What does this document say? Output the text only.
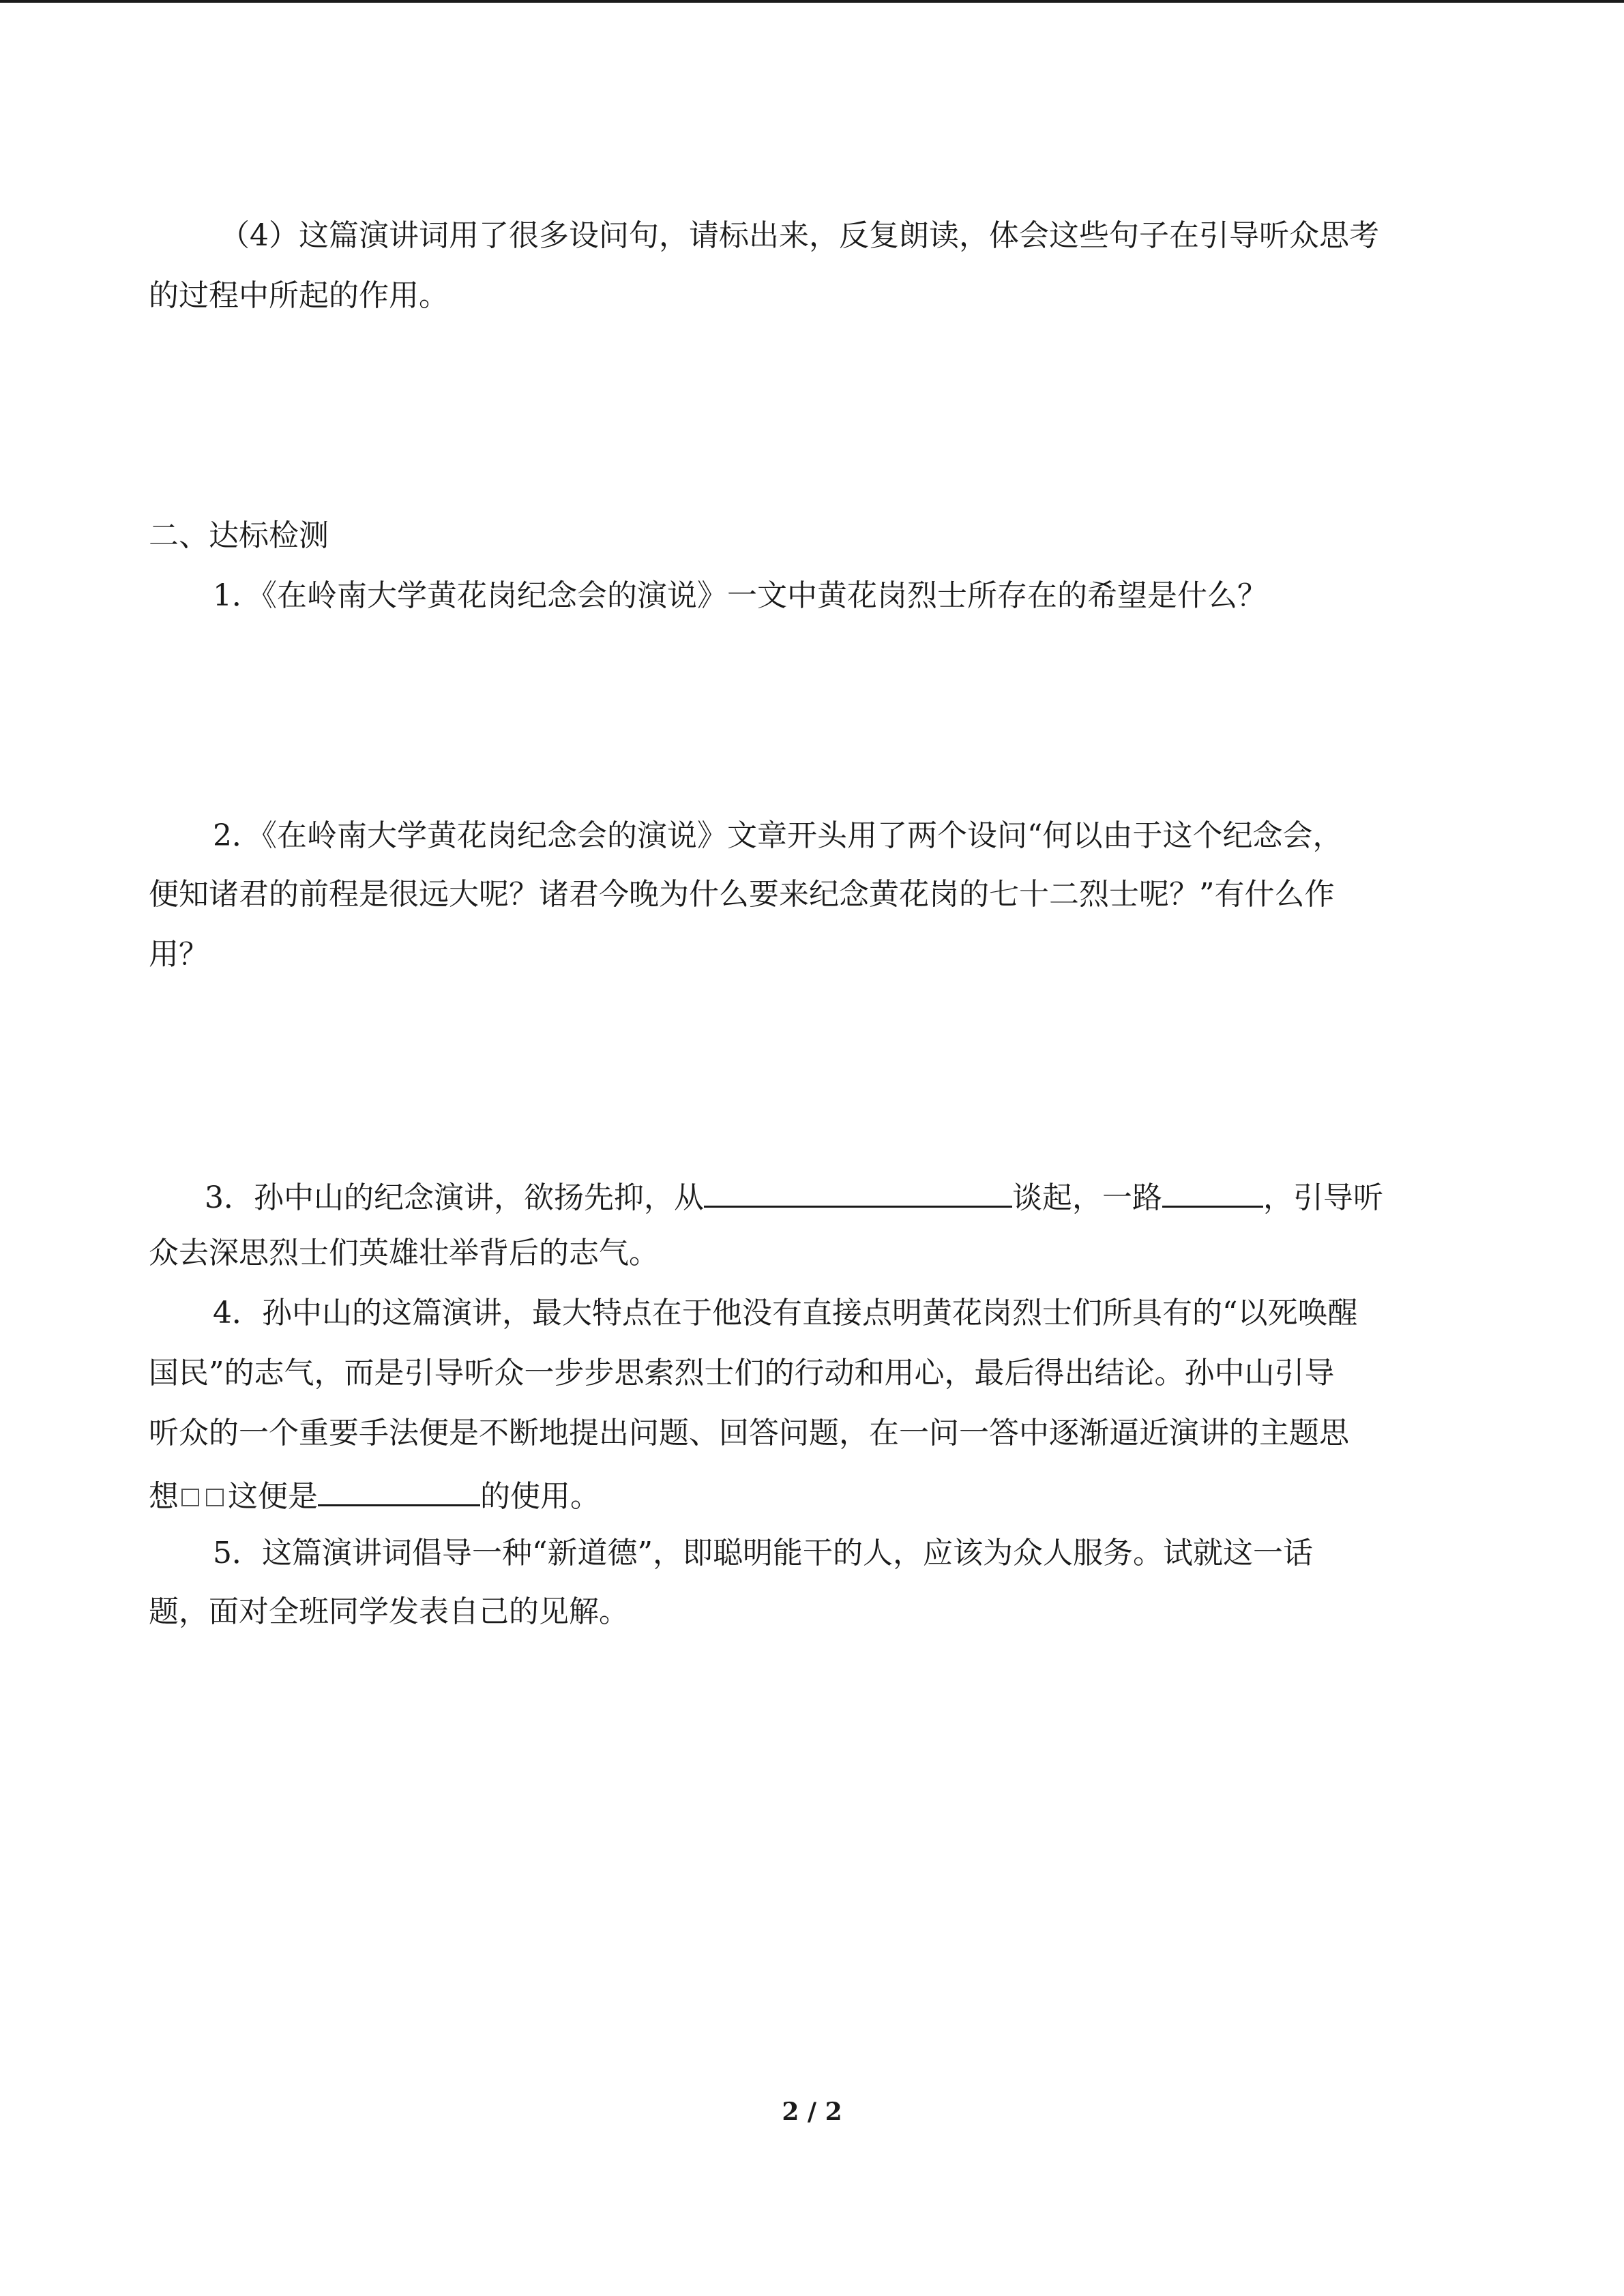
（4）这篇演讲词用了很多设问句，请标出来，反复朗读，体会这些句子在引导听众思考

的过程中所起的作用。

二、达标检测

1．《在岭南大学黄花岗纪念会的演说》一文中黄花岗烈士所存在的希望是什么？

2．《在岭南大学黄花岗纪念会的演说》文章开头用了两个设问“何以由于这个纪念会，

便知诸君的前程是很远大呢？诸君今晚为什么要来纪念黄花岗的七十二烈士呢？”有什么作

用？

3．孙中山的纪念演讲，欲扬先抑，从	谈起，一路	，引导听

众去深思烈士们英雄壮举背后的志气。

4．孙中山的这篇演讲，最大特点在于他没有直接点明黄花岗烈士们所具有的“以死唤醒

国民”的志气，而是引导听众一步步思索烈士们的行动和用心，最后得出结论。孙中山引导

听众的一个重要手法便是不断地提出问题、回答问题，在一问一答中逐渐逼近演讲的主题思

想 这便是	的使用。

5．这篇演讲词倡导一种“新道德”，即聪明能干的人，应该为众人服务。试就这一话

题，面对全班同学发表自己的见解。

2 / 2
